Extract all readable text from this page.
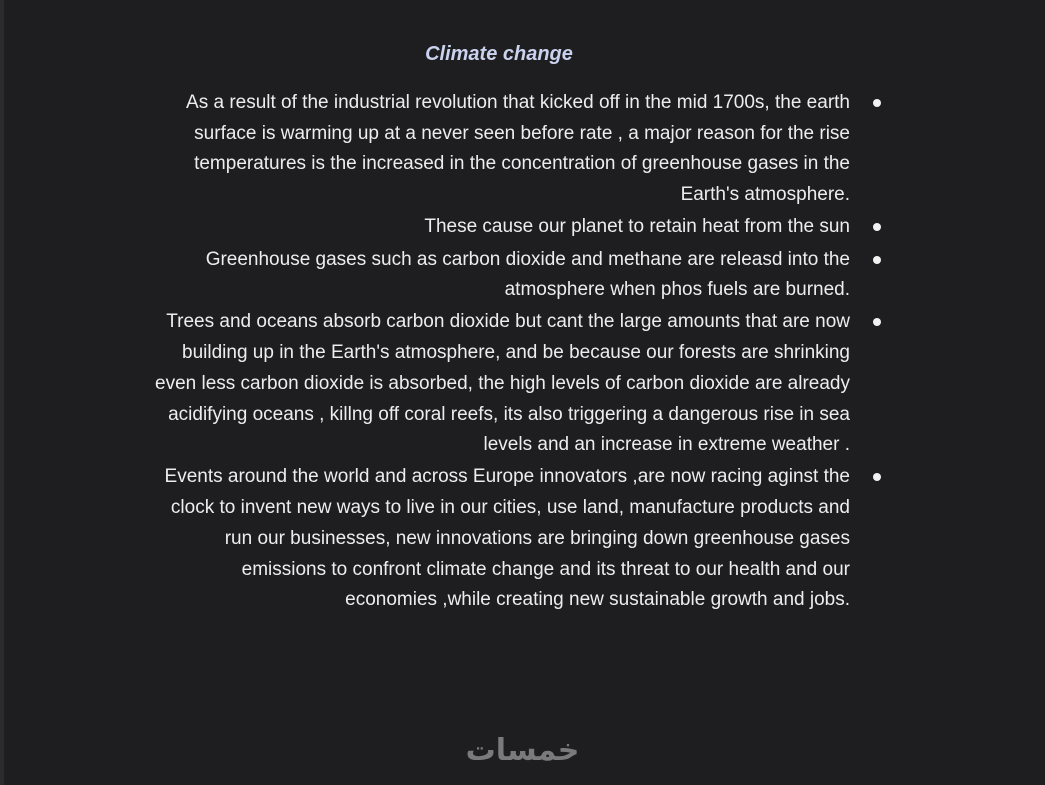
Climate change
As a result of the industrial revolution that kicked off in the mid 1700s, the earth surface is warming up at a never seen before rate , a major reason for the rise temperatures is the increased in the concentration of greenhouse gases in the Earth's atmosphere.
These cause our planet to retain heat from the sun
Greenhouse gases such as carbon dioxide and methane are releasd into the atmosphere when phos fuels are burned.
Trees and oceans absorb carbon dioxide but cant the large amounts that are now building up in the Earth's atmosphere, and be because our forests are shrinking even less carbon dioxide is absorbed, the high levels of carbon dioxide are already acidifying oceans , killng off coral reefs, its also triggering a dangerous rise in sea levels and an increase in extreme weather .
Events around the world and across Europe innovators ,are now racing aginst the clock to invent new ways to live in our cities, use land, manufacture products and run our businesses, new innovations are bringing down greenhouse gases emissions to confront climate change and its threat to our health and our economies ,while creating new sustainable growth and jobs.
خمسات
